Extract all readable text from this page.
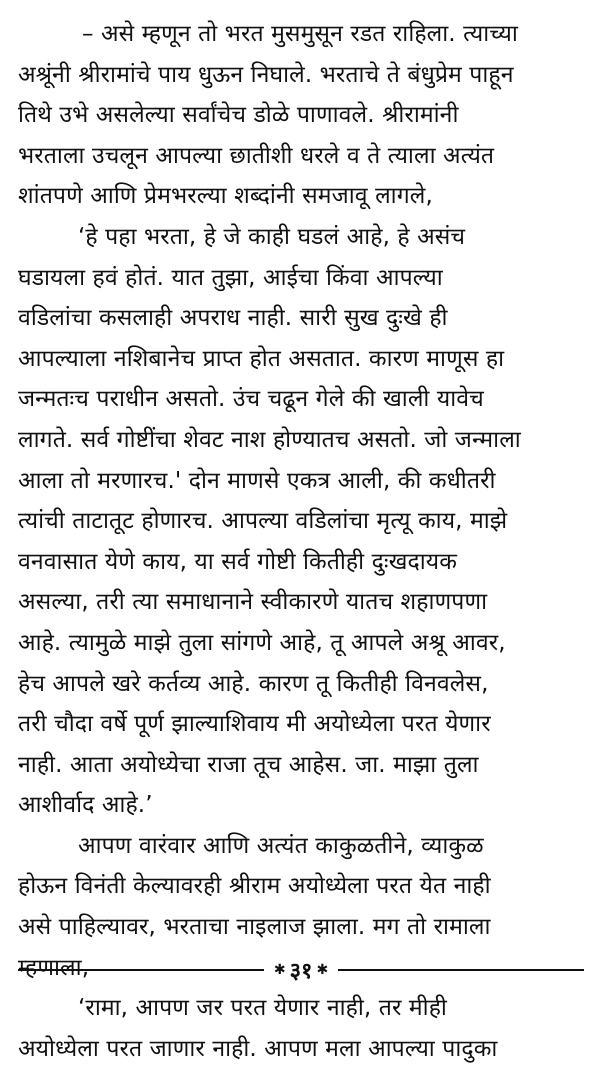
– असे म्हणून तो भरत मुसमुसून रडत राहिला. त्याच्या
अश्रूंनी श्रीरामांचे पाय धुऊन निघाले. भरताचे ते बंधुप्रेम पाहून
तिथे उभे असलेल्या सर्वांचेच डोळे पाणावले. श्रीरामांनी
भरताला उचलून आपल्या छातीशी धरले व ते त्याला अत्यंत
शांतपणे आणि प्रेमभरल्या शब्दांनी समजावू लागले,
‘हे पहा भरता, हे जे काही घडलं आहे, हे असंच
घडायला हवं होतं. यात तुझा, आईचा किंवा आपल्या
वडिलांचा कसलाही अपराध नाही. सारी सुख दुःखे ही
आपल्याला नशिबानेच प्राप्त होत असतात. कारण माणूस हा
जन्मतःच पराधीन असतो. उंच चढून गेले की खाली यावेच
लागते. सर्व गोष्टींचा शेवट नाश होण्यातच असतो. जो जन्माला
आला तो मरणारच.' दोन माणसे एकत्र आली, की कधीतरी
त्यांची ताटातूट होणारच. आपल्या वडिलांचा मृत्यू काय, माझे
वनवासात येणे काय, या सर्व गोष्टी कितीही दुःखदायक
असल्या, तरी त्या समाधानाने स्वीकारणे यातच शहाणपणा
आहे. त्यामुळे माझे तुला सांगणे आहे, तू आपले अश्रू आवर,
हेच आपले खरे कर्तव्य आहे. कारण तू कितीही विनवलेस,
तरी चौदा वर्षे पूर्ण झाल्याशिवाय मी अयोध्येला परत येणार
नाही. आता अयोध्येचा राजा तूच आहेस. जा. माझा तुला
आशीर्वाद आहे.’
आपण वारंवार आणि अत्यंत काकुळतीने, व्याकुळ
होऊन विनंती केल्यावरही श्रीराम अयोध्येला परत येत नाही
असे पाहिल्यावर, भरताचा नाइलाज झाला. मग तो रामाला
म्हणाला,
‘रामा, आपण जर परत येणार नाही, तर मीही
अयोध्येला परत जाणार नाही. आपण मला आपल्या पादुका
✱ ३१ ✱
